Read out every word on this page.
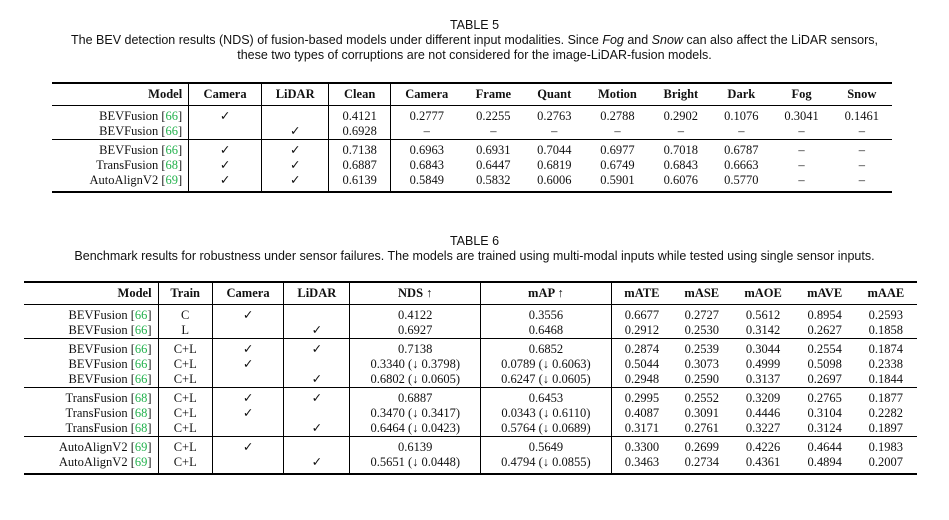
TABLE 5
The BEV detection results (NDS) of fusion-based models under different input modalities. Since Fog and Snow can also affect the LiDAR sensors,
these two types of corruptions are not considered for the image-LiDAR-fusion models.
Model	Camera	LiDAR	Clean	Camera	Frame	Quant	Motion	Bright	Dark	Fog	Snow
BEVFusion [66]	✓		0.4121	0.2777	0.2255	0.2763	0.2788	0.2902	0.1076	0.3041	0.1461
BEVFusion [66]		✓	0.6928	–	–	–	–	–	–	–	–
BEVFusion [66]	✓	✓	0.7138	0.6963	0.6931	0.7044	0.6977	0.7018	0.6787	–	–
TransFusion [68]	✓	✓	0.6887	0.6843	0.6447	0.6819	0.6749	0.6843	0.6663	–	–
AutoAlignV2 [69]	✓	✓	0.6139	0.5849	0.5832	0.6006	0.5901	0.6076	0.5770	–	–
TABLE 6
Benchmark results for robustness under sensor failures. The models are trained using multi-modal inputs while tested using single sensor inputs.
Model	Train	Camera	LiDAR	NDS ↑	mAP ↑	mATE	mASE	mAOE	mAVE	mAAE
BEVFusion [66]	C	✓		0.4122	0.3556	0.6677	0.2727	0.5612	0.8954	0.2593
BEVFusion [66]	L		✓	0.6927	0.6468	0.2912	0.2530	0.3142	0.2627	0.1858
BEVFusion [66]	C+L	✓	✓	0.7138	0.6852	0.2874	0.2539	0.3044	0.2554	0.1874
BEVFusion [66]	C+L	✓		0.3340 (↓ 0.3798)	0.0789 (↓ 0.6063)	0.5044	0.3073	0.4999	0.5098	0.2338
BEVFusion [66]	C+L		✓	0.6802 (↓ 0.0605)	0.6247 (↓ 0.0605)	0.2948	0.2590	0.3137	0.2697	0.1844
TransFusion [68]	C+L	✓	✓	0.6887	0.6453	0.2995	0.2552	0.3209	0.2765	0.1877
TransFusion [68]	C+L	✓		0.3470 (↓ 0.3417)	0.0343 (↓ 0.6110)	0.4087	0.3091	0.4446	0.3104	0.2282
TransFusion [68]	C+L		✓	0.6464 (↓ 0.0423)	0.5764 (↓ 0.0689)	0.3171	0.2761	0.3227	0.3124	0.1897
AutoAlignV2 [69]	C+L	✓		0.6139	0.5649	0.3300	0.2699	0.4226	0.4644	0.1983
AutoAlignV2 [69]	C+L		✓	0.5651 (↓ 0.0448)	0.4794 (↓ 0.0855)	0.3463	0.2734	0.4361	0.4894	0.2007
